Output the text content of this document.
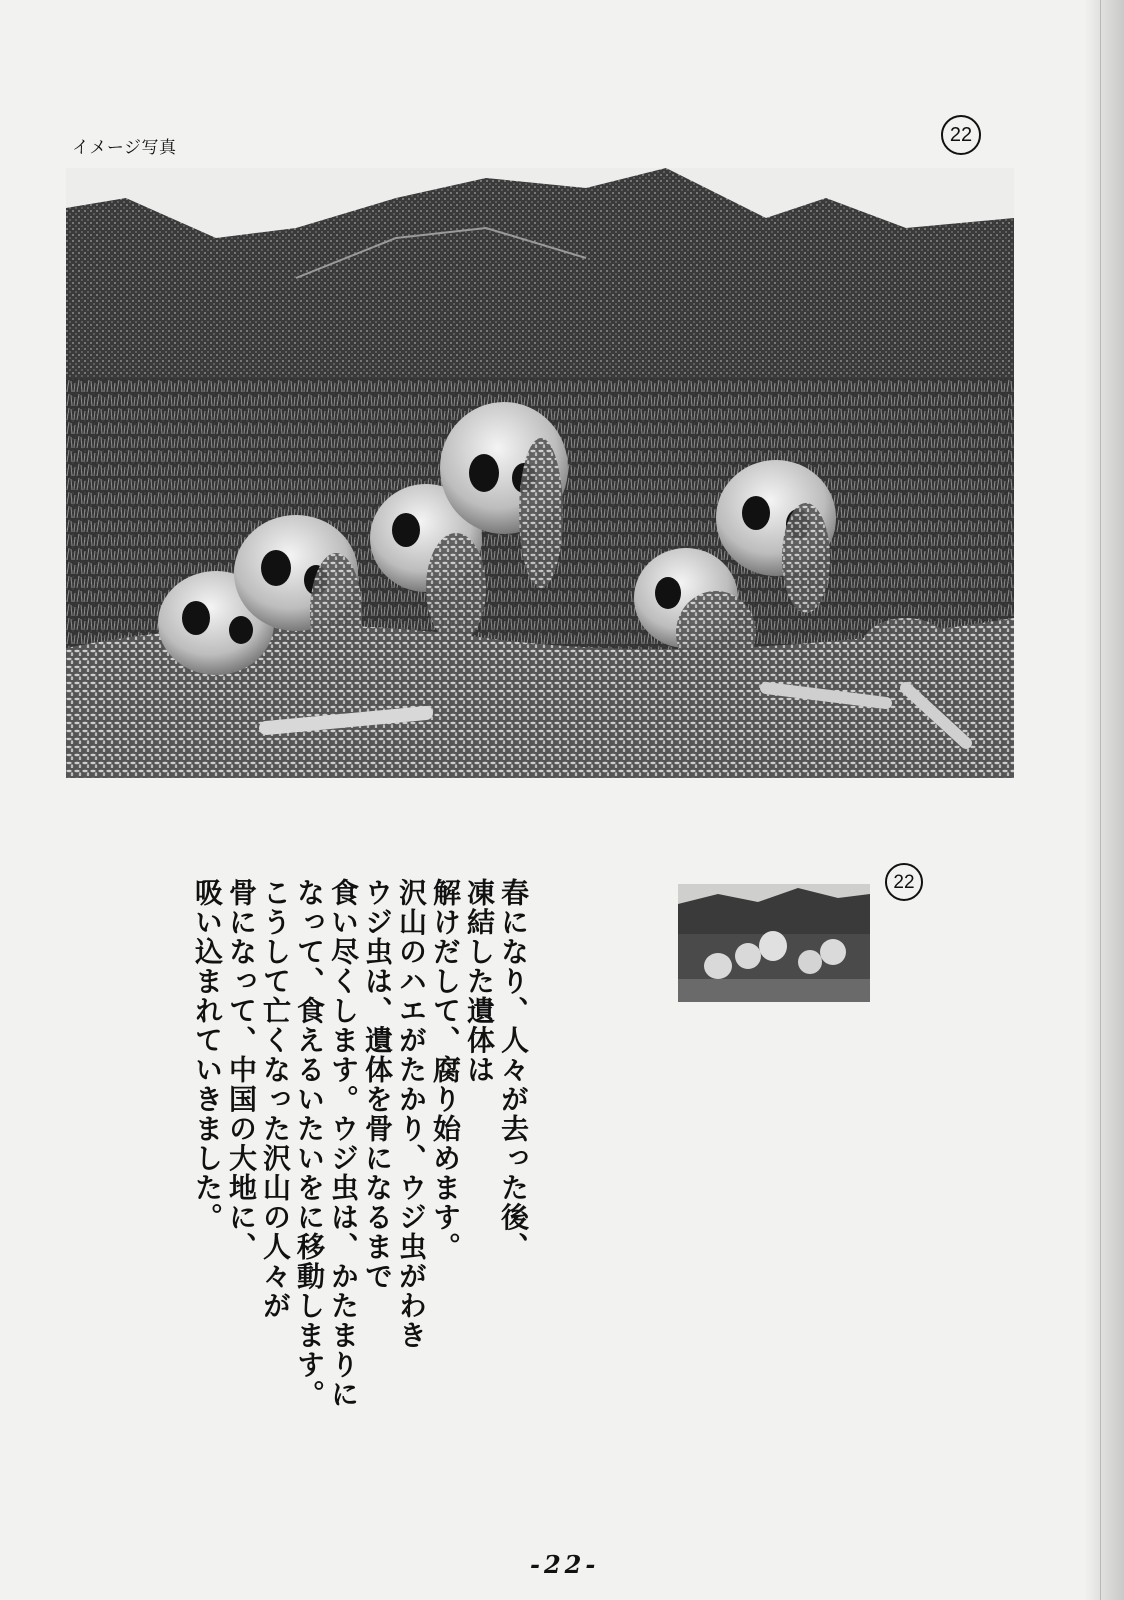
イメージ写真
22
22
春になり、人々が去った後、
凍結した遺体は
解けだして、腐り始めます。
沢山のハエがたかり、ウジ虫がわき
ウジ虫は、遺体を骨になるまで
食い尽くします。ウジ虫は、かたまりに
なって、食えるいたいをに移動します。
こうして亡くなった沢山の人々が
骨になって、中国の大地に、
吸い込まれていきました。
-22-
